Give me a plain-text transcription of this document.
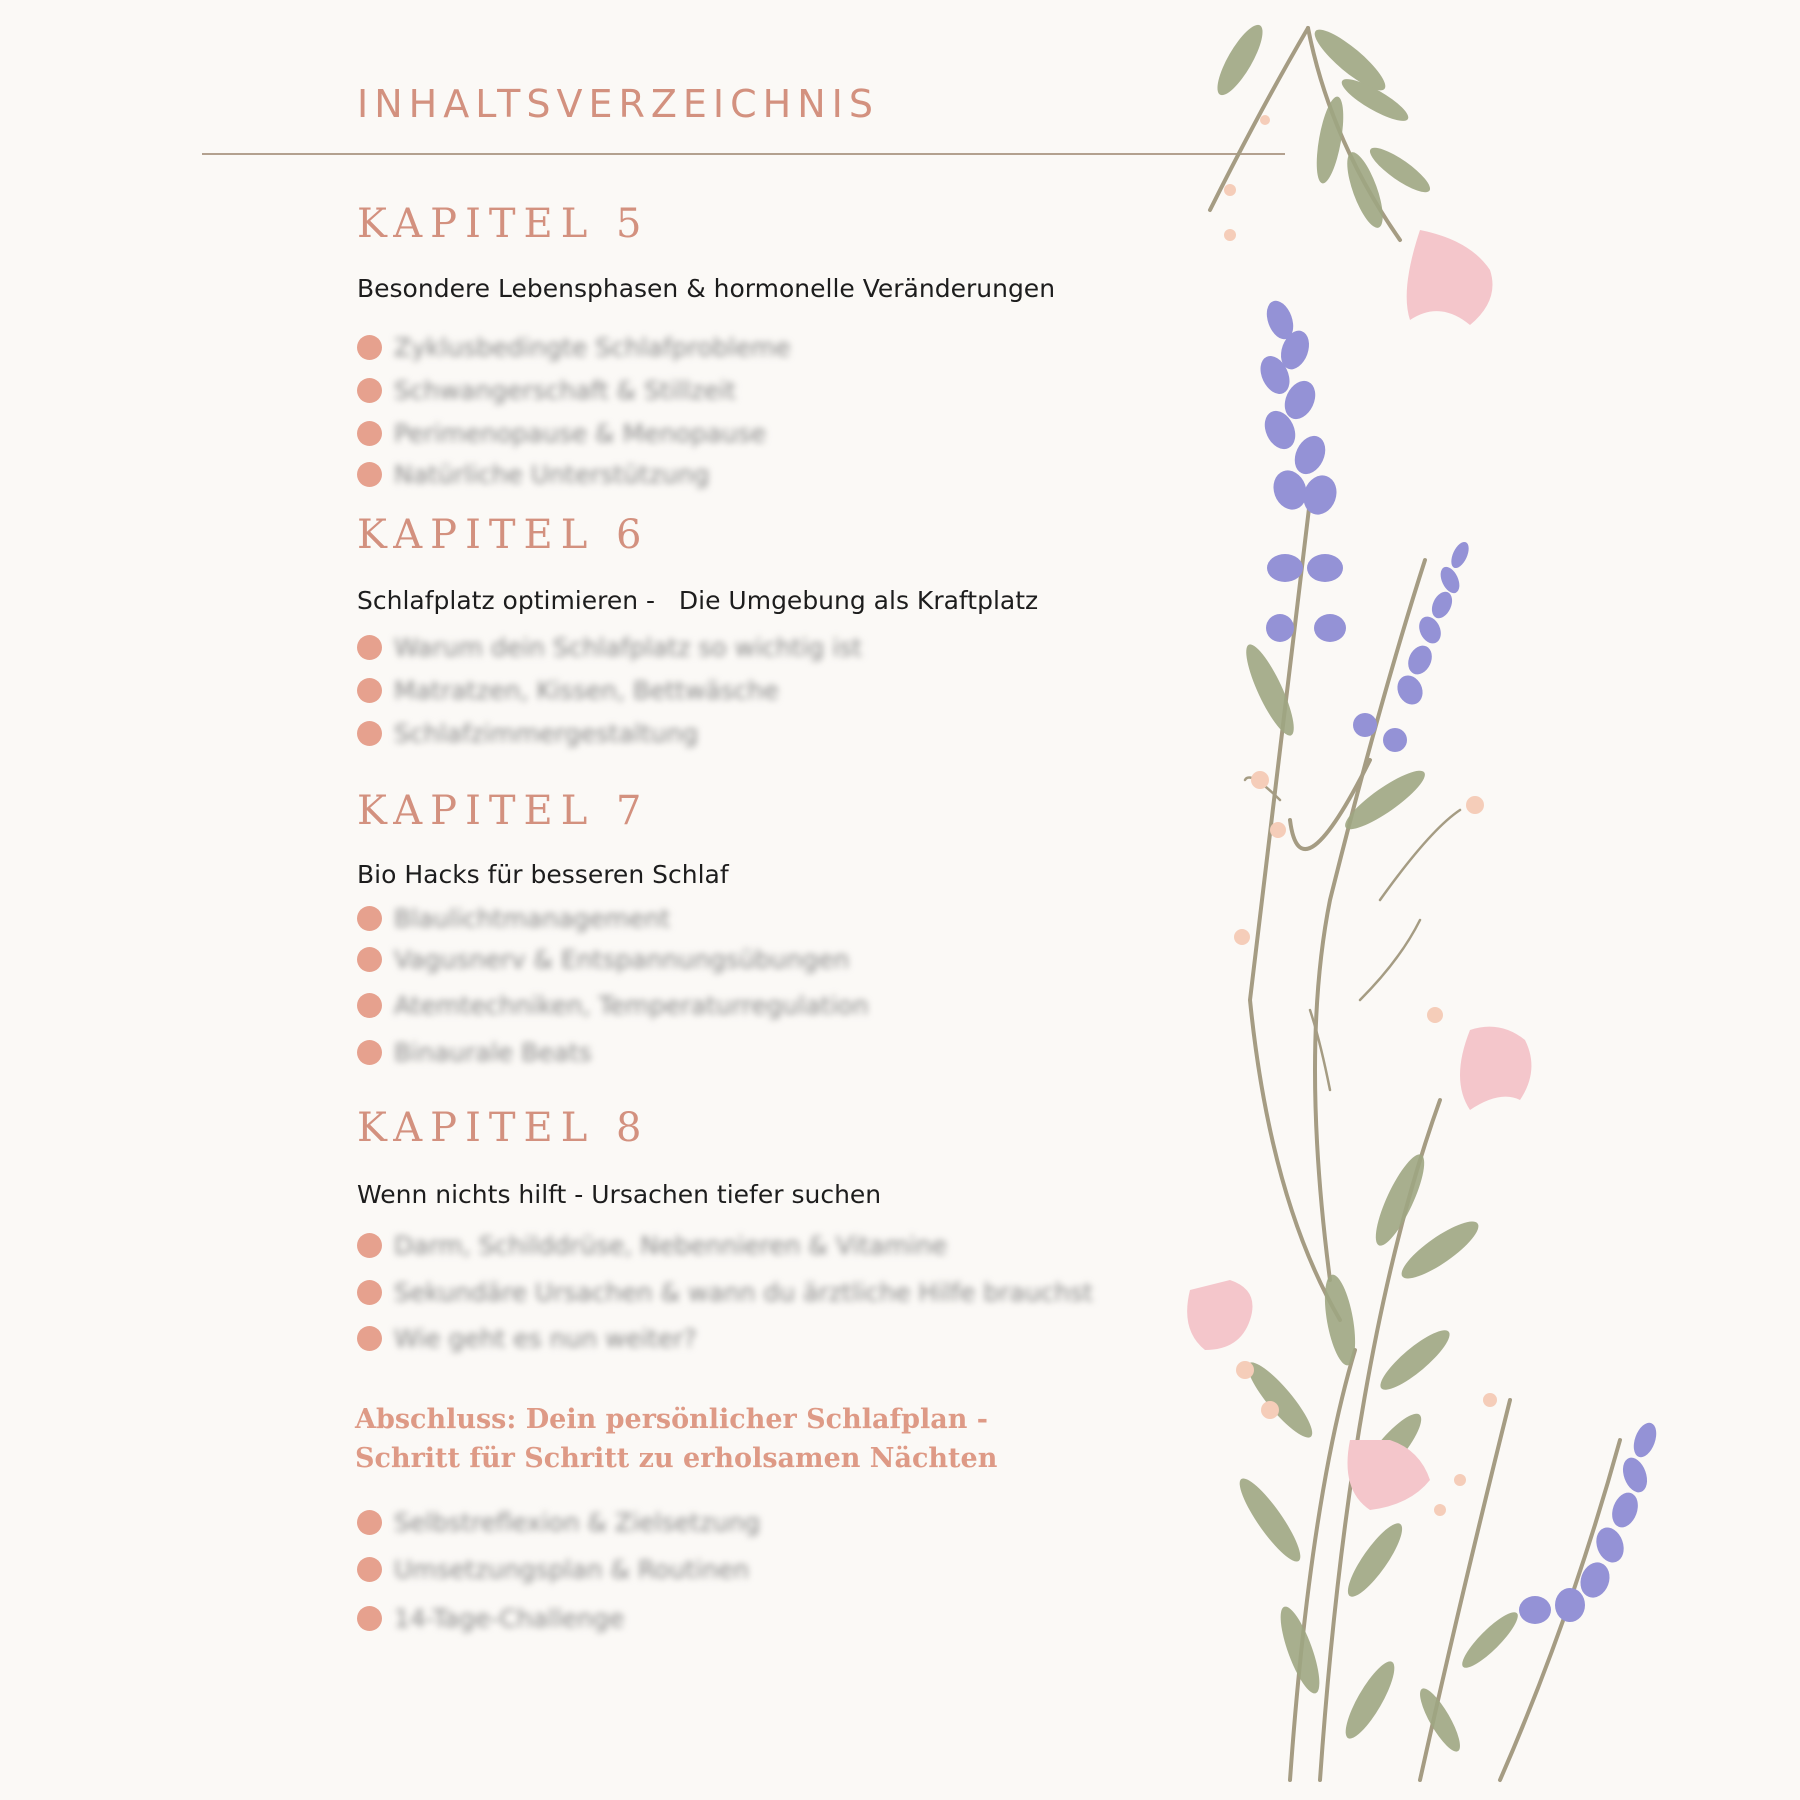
INHALTSVERZEICHNIS
KAPITEL 5

Besondere Lebensphasen & hormonelle Veränderungen

Zyklusbedingte Schlafprobleme
Schwangerschaft & Stillzeit
Perimenopause & Menopause
Natürliche Unterstützung
KAPITEL 6

Schlafplatz optimieren -   Die Umgebung als Kraftplatz

Warum dein Schlafplatz so wichtig ist
Matratzen, Kissen, Bettwäsche
Schlafzimmergestaltung
KAPITEL 7

Bio Hacks für besseren Schlaf

Blaulichtmanagement
Vagusnerv & Entspannungsübungen
Atemtechniken, Temperaturregulation
Binaurale Beats
KAPITEL 8

Wenn nichts hilft - Ursachen tiefer suchen

Darm, Schilddrüse, Nebennieren & Vitamine
Sekundäre Ursachen & wann du ärztliche Hilfe brauchst
Wie geht es nun weiter?

Abschluss: Dein persönlicher Schlafplan -
Schritt für Schritt zu erholsamen Nächten

Selbstreflexion & Zielsetzung
Umsetzungsplan & Routinen
14-Tage-Challenge
